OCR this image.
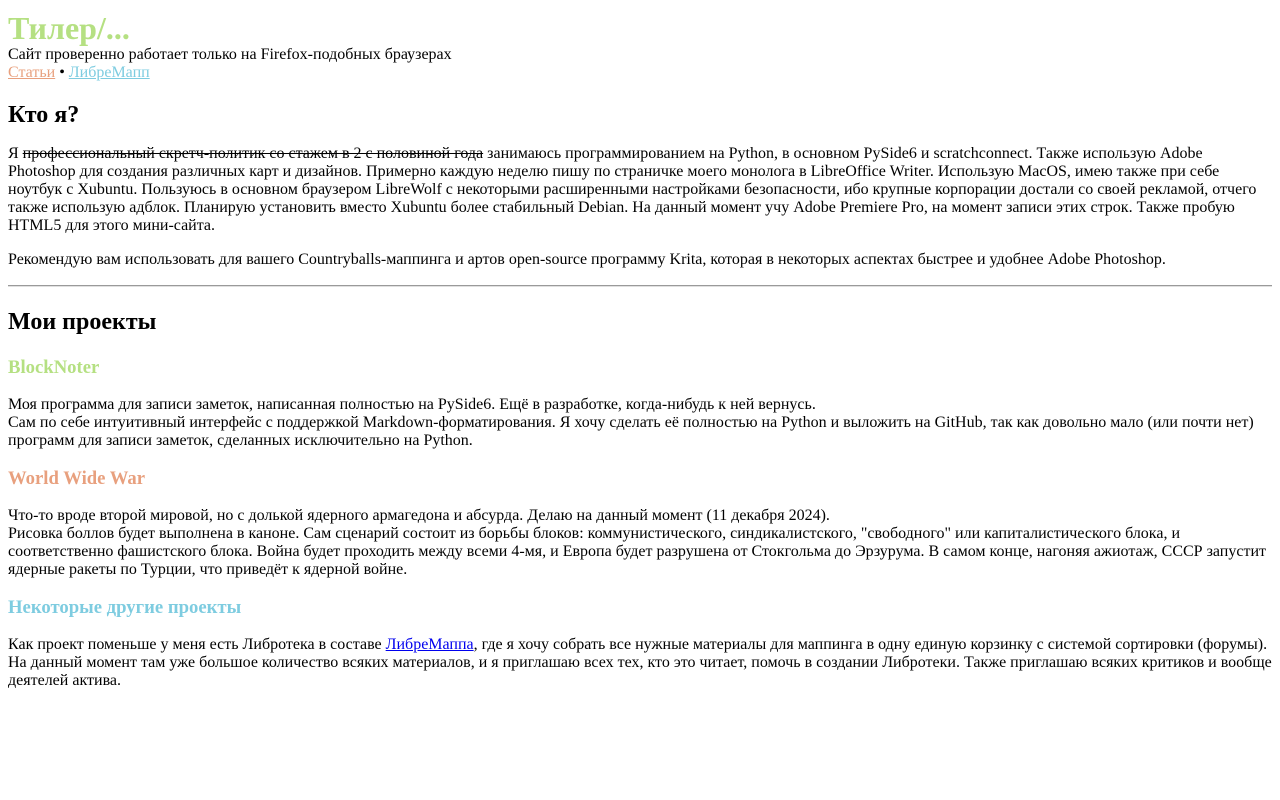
Тилер/...

Сайт проверенно работает только на Firefox-подобных браузерах

Статьи • ЛибреМапп
Кто я?

Я профессиональный скретч-политик со стажем в 2 с половиной года занимаюсь программированием на Python, в основном PySide6 и scratchconnect. Также использую Adobe Photoshop для создания различных карт и дизайнов. Примерно каждую неделю пишу по страничке моего монолога в LibreOffice Writer. Использую MacOS, имею также при себе ноутбук с Xubuntu. Пользуюсь в основном браузером LibreWolf с некоторыми расширенными настройками безопасности, ибо крупные корпорации достали со своей рекламой, отчего также использую адблок. Планирую установить вместо Xubuntu более стабильный Debian. На данный момент учу Adobe Premiere Pro, на момент записи этих строк. Также пробую HTML5 для этого мини-сайта.

Рекомендую вам использовать для вашего Countryballs-маппинга и артов open-source программу Krita, которая в некоторых аспектах быстрее и удобнее Adobe Photoshop.

Мои проекты
BlockNoter

Моя программа для записи заметок, написанная полностью на PySide6. Ещё в разработке, когда-нибудь к ней вернусь.
Сам по себе интуитивный интерфейс с поддержкой Markdown-форматирования. Я хочу сделать её полностью на Python и выложить на GitHub, так как довольно мало (или почти нет) программ для записи заметок, сделанных исключительно на Python.

World Wide War

Что-то вроде второй мировой, но с долькой ядерного армагедона и абсурда. Делаю на данный момент (11 декабря 2024).
Рисовка боллов будет выполнена в каноне. Сам сценарий состоит из борьбы блоков: коммунистического, синдикалистского, "свободного" или капиталистического блока, и соответственно фашистского блока. Война будет проходить между всеми 4-мя, и Европа будет разрушена от Стокгольма до Эрзурума. В самом конце, нагоняя ажиотаж, СССР запустит ядерные ракеты по Турции, что приведёт к ядерной войне.

Некоторые другие проекты

Как проект поменьше у меня есть Либротека в составе ЛибреМаппа, где я хочу собрать все нужные материалы для маппинга в одну единую корзинку с системой сортировки (форумы). На данный момент там уже большое количество всяких материалов, и я приглашаю всех тех, кто это читает, помочь в создании Либротеки. Также приглашаю всяких критиков и вообще деятелей актива.
